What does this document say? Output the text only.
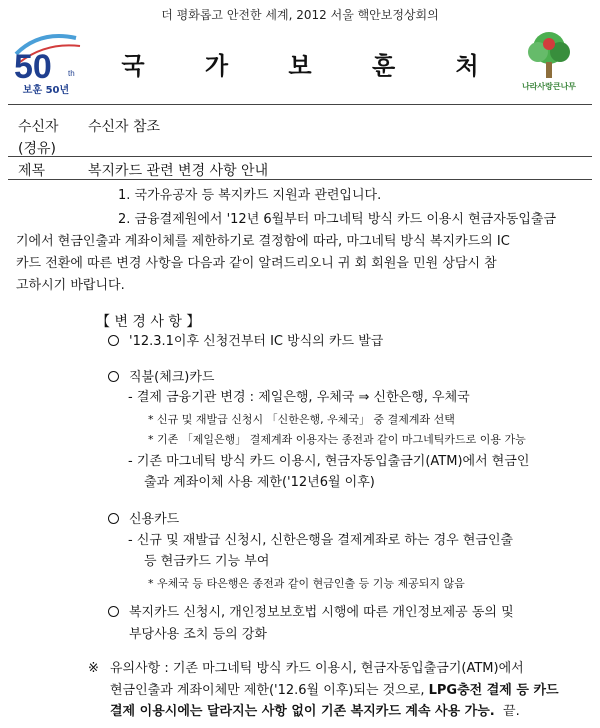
더 평화롭고 안전한 세계, 2012 서울 핵안보정상회의
50 th
보훈 50년
국 가 보 훈 처
나라사랑큰나무
수신자 수신자 참조
(경유)
제목	복지카드 관련 변경 사항 안내
1. 국가유공자 등 복지카드 지원과 관련입니다.
2. 금융결제원에서 '12년 6월부터 마그네틱 방식 카드 이용시 현금자동입출금
기에서 현금인출과 계좌이체를 제한하기로 결정함에 따라, 마그네틱 방식 복지카드의 IC
카드 전환에 따른 변경 사항을 다음과 같이 알려드리오니 귀 회 회원을 민원 상담시 참
고하시기 바랍니다.
【 변 경 사 항 】
'12.3.1이후 신청건부터 IC 방식의 카드 발급
직불(체크)카드
- 결제 금융기관 변경 : 제일은행, 우체국 ⇒ 신한은행, 우체국
* 신규 및 재발급 신청시 「신한은행, 우체국」 중 결제계좌 선택
* 기존 「제일은행」 결제계좌 이용자는 종전과 같이 마그네틱카드로 이용 가능
- 기존 마그네틱 방식 카드 이용시, 현금자동입출금기(ATM)에서 현금인
출과 계좌이체 사용 제한('12년6월 이후)
신용카드
- 신규 및 재발급 신청시, 신한은행을 결제계좌로 하는 경우 현금인출
등 현금카드 기능 부여
* 우체국 등 타은행은 종전과 같이 현금인출 등 기능 제공되지 않음
복지카드 신청시, 개인정보보호법 시행에 따른 개인정보제공 동의 및
부당사용 조치 등의 강화
※ 유의사항 : 기존 마그네틱 방식 카드 이용시, 현금자동입출금기(ATM)에서
현금인출과 계좌이체만 제한('12.6월 이후)되는 것으로, LPG충전 결제 등 카드
결제 이용시에는 달라지는 사항 없이 기존 복지카드 계속 사용 가능. 끝.
